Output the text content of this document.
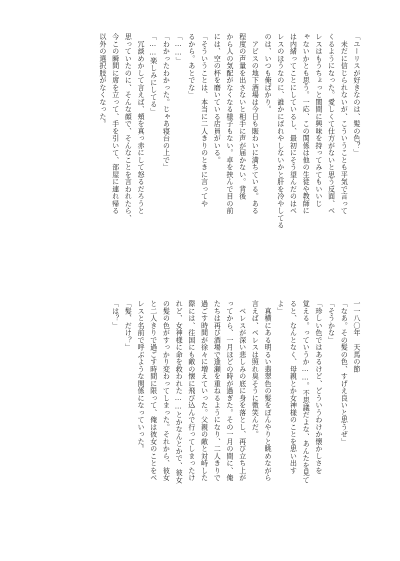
「ユーリスが好きなのは、髪の色？」
　未だに信じられないが、こういうことも平気で言って
くるようになった。愛しくて仕方がないと思う反面、ベ
レスはもうちょっと閨間に興味を持ってみてもいいじ
ゃないかとも思う。一応、この関係は他の生徒や教師に
は内緒ってことにしているし、最初にそう望んだのはベ
レスのほうなのに、誰かにばれやしないかと肝を冷やしてる
のは、いつも俺ばかり。
　アビスの地下酒場は今日も賑わいに満ちている。ある
程度の声量を出さないと相手に声が届かない。背後
から人の気配がなくなる様子もない。卓を挟んで目の前
には、空の杯を磨いている店員がいる。
「そういうことは、本当に二人きりのときに言ってや
るから。あとでな」
「……」
「わかったわかった。じゃあ寝台の上で」
「……楽しみにしてる」
　冗談めかして言えば、頬を真っ赤にして怒るだろうと
思っていたのに、そんな顔で、そんなことを言われたら、
今この瞬間に席を立って、手を引いて、部屋に連れ帰る
以外の選択肢がなくなった。
一一八〇年　天馬の節
「なあ。その髪の色、すげえ良いと思うぜ」
「そうかな」
「珍しい色ではあるけど、どういうわけか懐かしさを
覚える。っていうか……。不思議だよな、あんたを見て
ると、なんとなく、母親とか女神様のことを思い出す
よ」
　真横にある明るい翡翠色の髪をぼんやりと眺めながら
言えば、ベレスは照れ臭そうに微笑んだ。
　ベレスが深い悲しみの底に身を落とし、再び立ち上が
ってから、一月ほどの時が過ぎた。その一月の間に、俺
たちは再び酒場で逢瀬を重ねるようになり、二人きりで
過ごす時間が徐々に増えていった。父親の敵と対峙した
際には、往国にも敵の懐に飛び込んで行ってしまったけ
れど、女神様に命を救われた……とかなんとかで、彼女
の髪の色がすっかり変わってしまった。それから、彼女
と二人きりで過ごす時間に限って、俺は彼女のことをベ
レスと名前で呼ぶような関係になっていった。
「髪、だけ？」
「は？」
